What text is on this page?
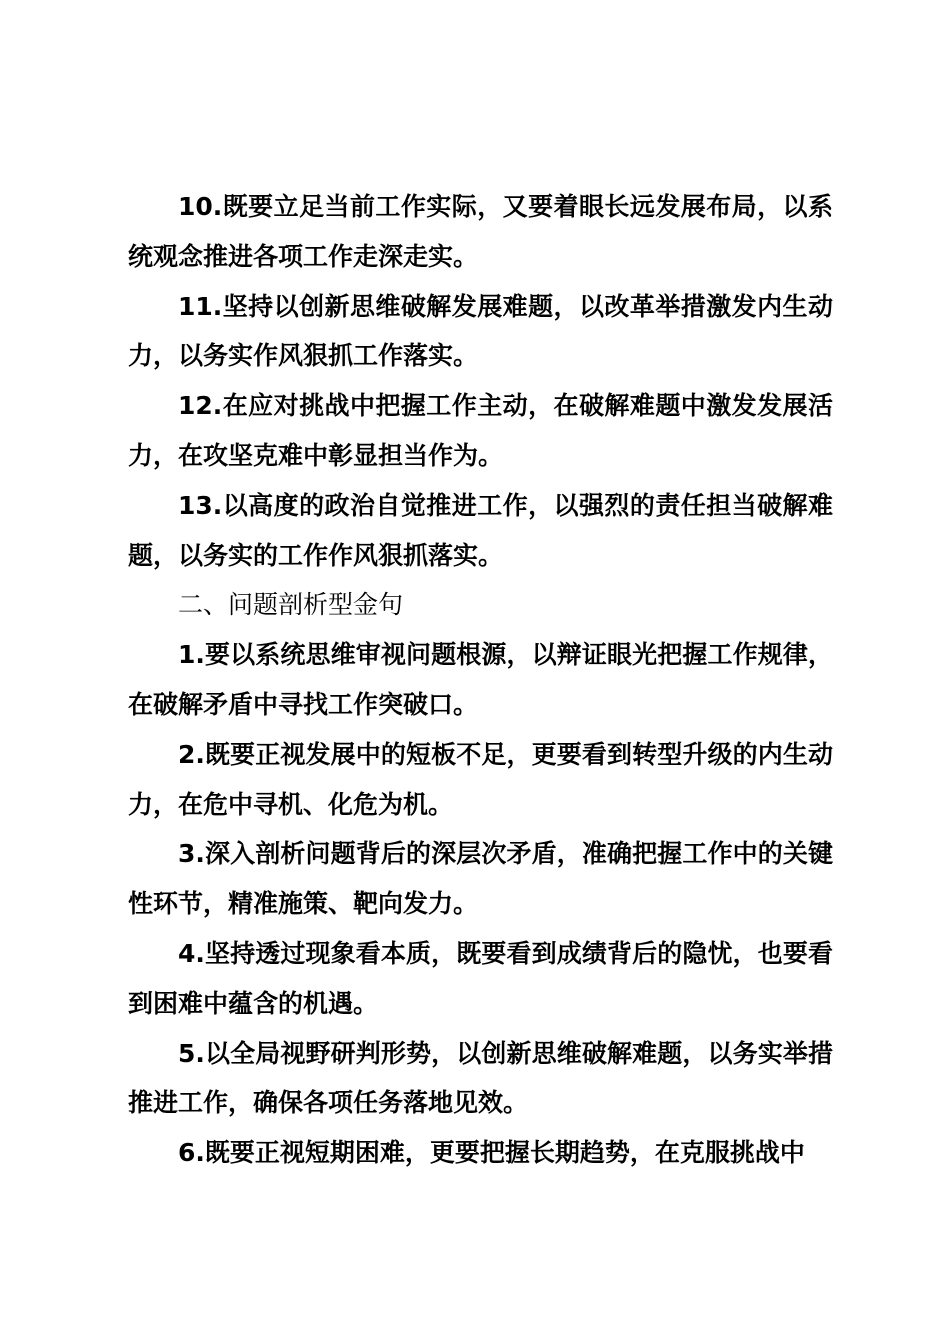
10.既要立足当前工作实际，又要着眼长远发展布局，以系统观念推进各项工作走深走实。

11.坚持以创新思维破解发展难题，以改革举措激发内生动力，以务实作风狠抓工作落实。

12.在应对挑战中把握工作主动，在破解难题中激发发展活力，在攻坚克难中彰显担当作为。

13.以高度的政治自觉推进工作，以强烈的责任担当破解难题，以务实的工作作风狠抓落实。

二、问题剖析型金句

1.要以系统思维审视问题根源，以辩证眼光把握工作规律，在破解矛盾中寻找工作突破口。

2.既要正视发展中的短板不足，更要看到转型升级的内生动力，在危中寻机、化危为机。

3.深入剖析问题背后的深层次矛盾，准确把握工作中的关键性环节，精准施策、靶向发力。

4.坚持透过现象看本质，既要看到成绩背后的隐忧，也要看到困难中蕴含的机遇。

5.以全局视野研判形势，以创新思维破解难题，以务实举措推进工作，确保各项任务落地见效。

6.既要正视短期困难，更要把握长期趋势，在克服挑战中
